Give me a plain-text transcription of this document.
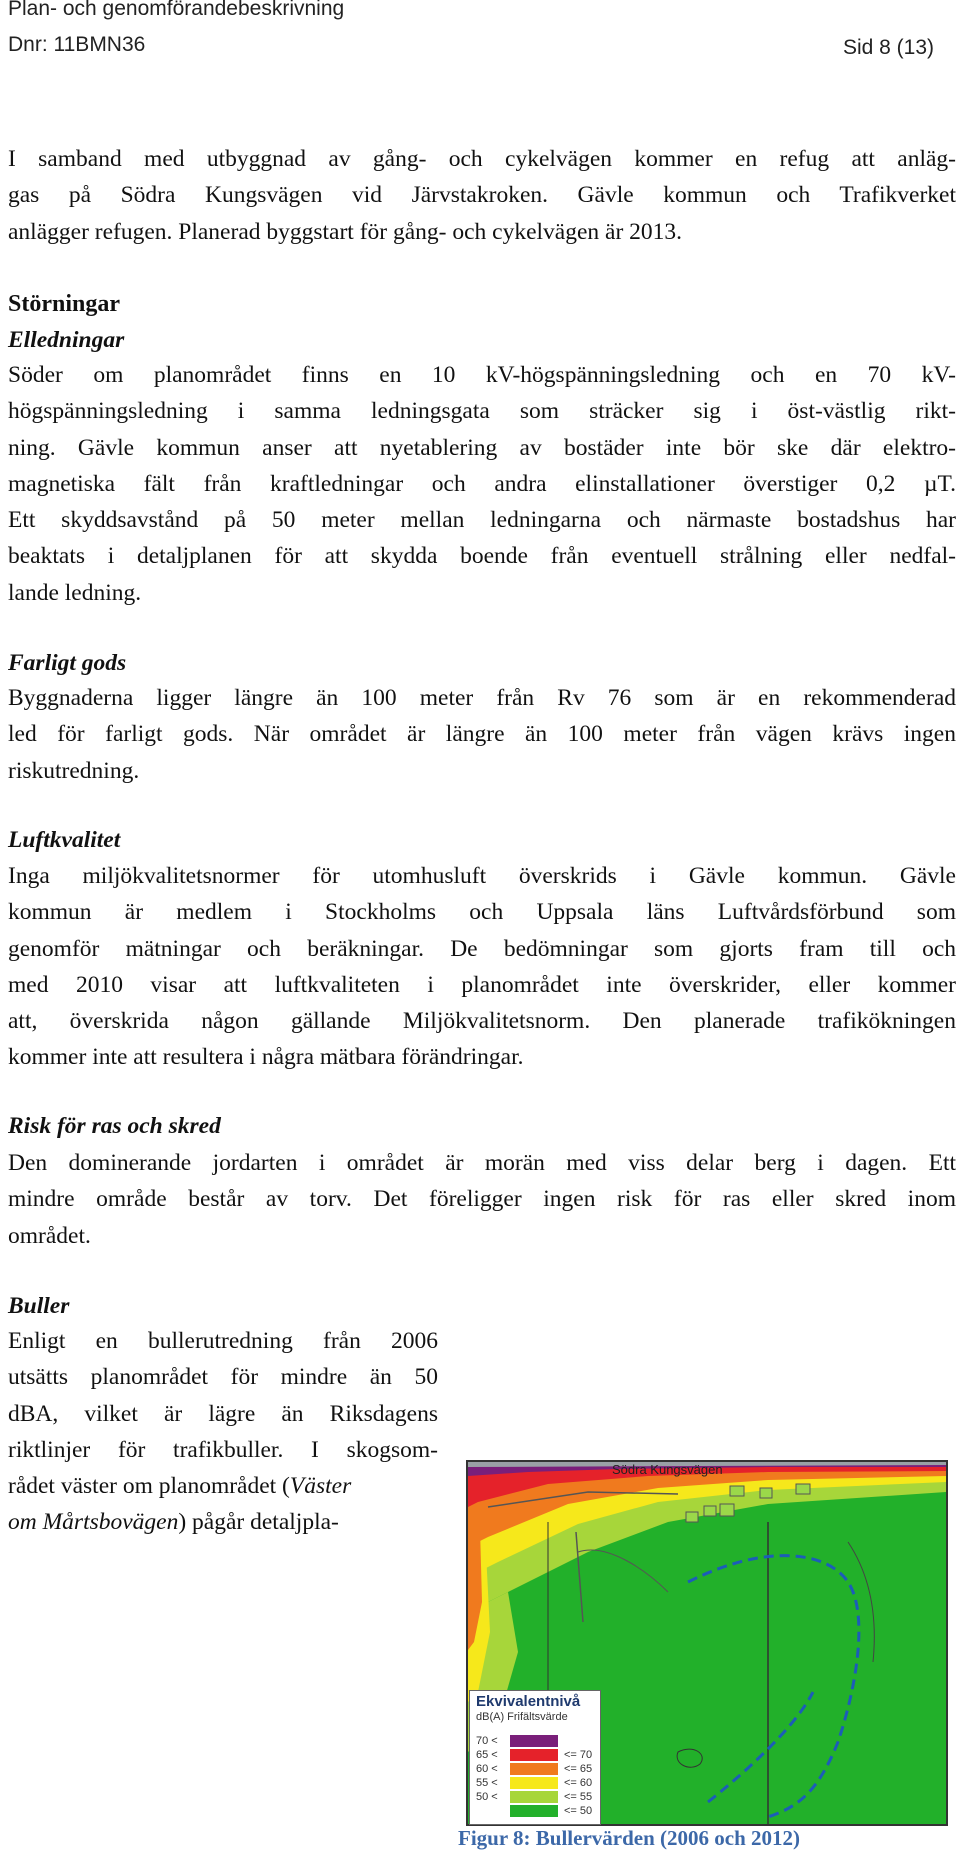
Plan- och genomförandebeskrivning
Dnr: 11BMN36	Sid 8 (13)

I samband med utbyggnad av gång- och cykelvägen kommer en refug att anläg-
gas på Södra Kungsvägen vid Järvstakroken. Gävle kommun och Trafikverket
anlägger refugen. Planerad byggstart för gång- och cykelvägen är 2013.

Störningar
Elledningar

Söder om planområdet finns en 10 kV-högspänningsledning och en 70 kV-
högspänningsledning i samma ledningsgata som sträcker sig i öst-västlig rikt-
ning. Gävle kommun anser att nyetablering av bostäder inte bör ske där elektro-
magnetiska fält från kraftledningar och andra elinstallationer överstiger 0,2 µT.
Ett skyddsavstånd på 50 meter mellan ledningarna och närmaste bostadshus har
beaktats i detaljplanen för att skydda boende från eventuell strålning eller nedfal-
lande ledning.

Farligt gods

Byggnaderna ligger längre än 100 meter från Rv 76 som är en rekommenderad
led för farligt gods. När området är längre än 100 meter från vägen krävs ingen
riskutredning.

Luftkvalitet

Inga miljökvalitetsnormer för utomhusluft överskrids i Gävle kommun. Gävle
kommun är medlem i Stockholms och Uppsala läns Luftvårdsförbund som
genomför mätningar och beräkningar. De bedömningar som gjorts fram till och
med 2010 visar att luftkvaliteten i planområdet inte överskrider, eller kommer
att, överskrida någon gällande Miljökvalitetsnorm. Den planerade trafikökningen
kommer inte att resultera i några mätbara förändringar.

Risk för ras och skred

Den dominerande jordarten i området är morän med viss delar berg i dagen. Ett
mindre område består av torv. Det föreligger ingen risk för ras eller skred inom
området.

Buller

Enligt en bullerutredning från 2006
utsätts planområdet för mindre än 50
dBA, vilket är lägre än Riksdagens
riktlinjer för trafikbuller. I skogsom-
rådet väster om planområdet (Väster
om Mårtsbovägen) pågår detaljpla-

Södra Kungsvägen
Ekvivalentnivå
dB(A) Frifältsvärde
70 <
65 <	<= 70
60 <	<= 65
55 <	<= 60
50 <	<= 55
<= 50
Figur 8: Bullervärden (2006 och 2012)
